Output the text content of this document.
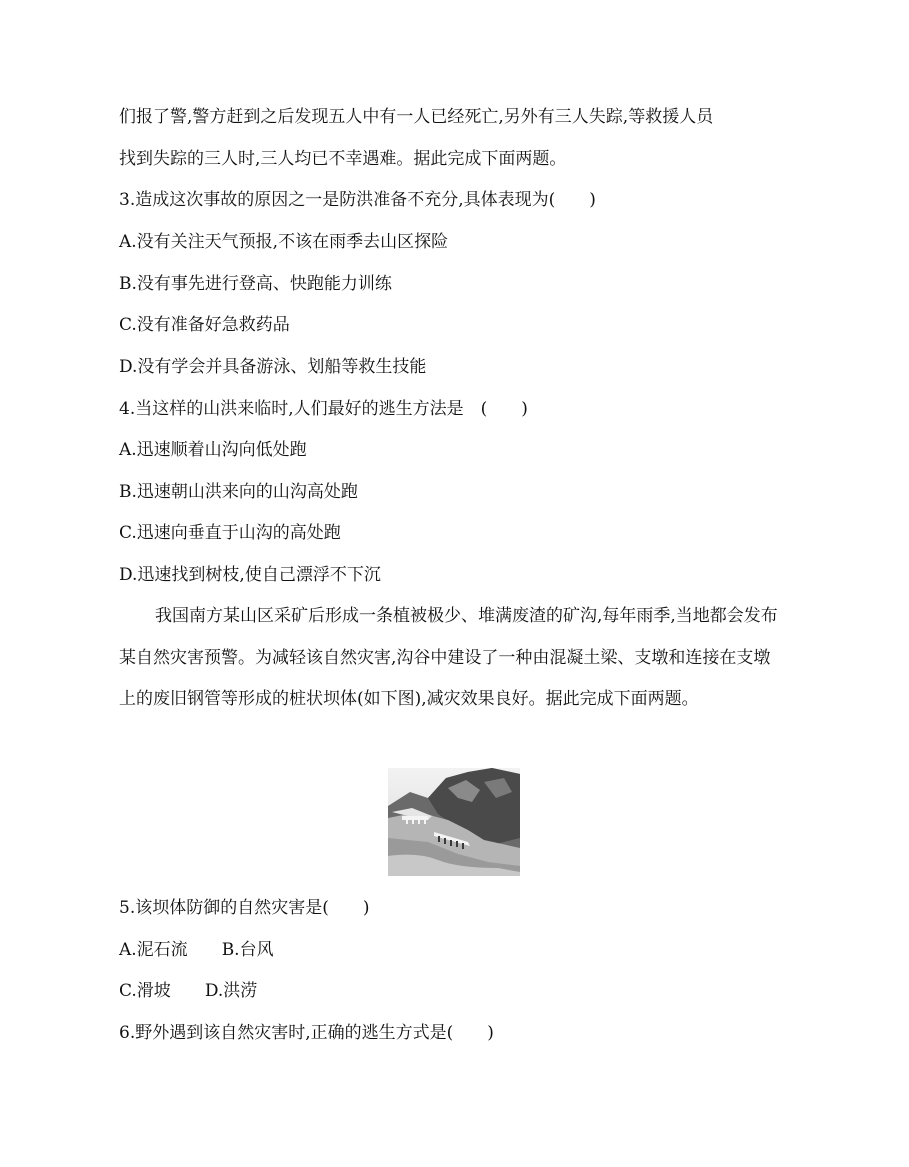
们报了警,警方赶到之后发现五人中有一人已经死亡,另外有三人失踪,等救援人员
找到失踪的三人时,三人均已不幸遇难。据此完成下面两题。
3.造成这次事故的原因之一是防洪准备不充分,具体表现为(　　)
A.没有关注天气预报,不该在雨季去山区探险
B.没有事先进行登高、快跑能力训练
C.没有准备好急救药品
D.没有学会并具备游泳、划船等救生技能
4.当这样的山洪来临时,人们最好的逃生方法是　(　　)
A.迅速顺着山沟向低处跑
B.迅速朝山洪来向的山沟高处跑
C.迅速向垂直于山沟的高处跑
D.迅速找到树枝,使自己漂浮不下沉
我国南方某山区采矿后形成一条植被极少、堆满废渣的矿沟,每年雨季,当地都会发布某自然灾害预警。为减轻该自然灾害,沟谷中建设了一种由混凝土梁、支墩和连接在支墩上的废旧钢管等形成的桩状坝体(如下图),减灾效果良好。据此完成下面两题。
5.该坝体防御的自然灾害是(　　)
A.泥石流 B.台风
C.滑坡 D.洪涝
6.野外遇到该自然灾害时,正确的逃生方式是(　　)
